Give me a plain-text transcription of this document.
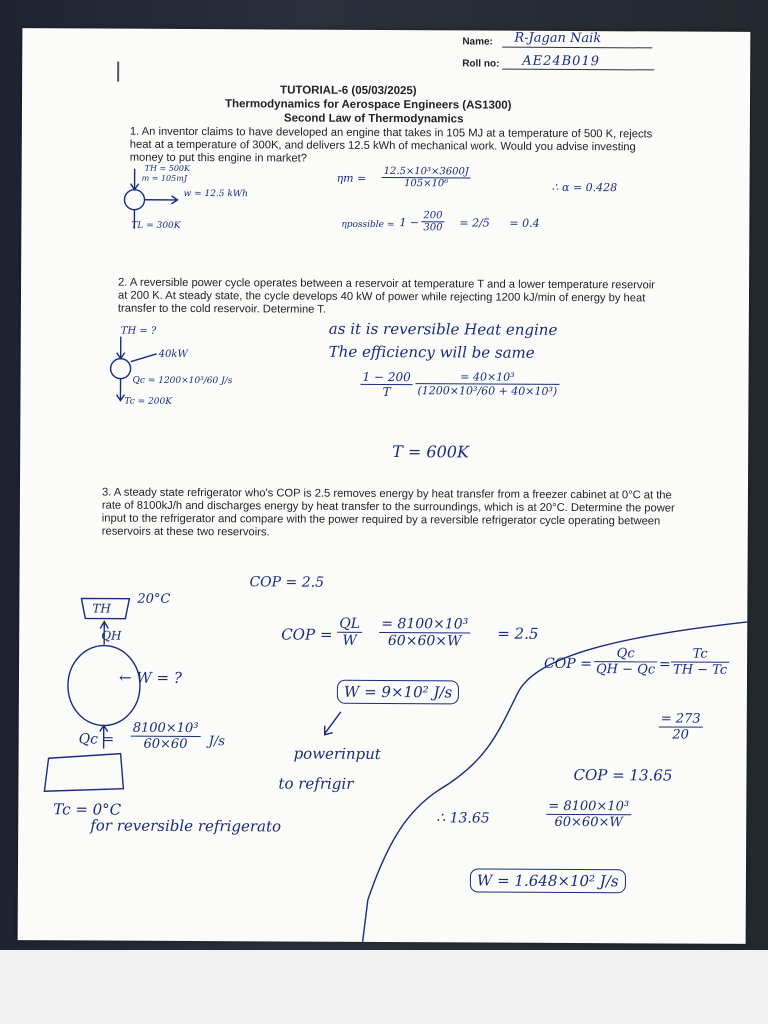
Name: R-Jagan Naik
Roll no: AE24B019
TUTORIAL-6 (05/03/2025)
Thermodynamics for Aerospace Engineers (AS1300)
Second Law of Thermodynamics
1. An inventor claims to have developed an engine that takes in 105 MJ at a temperature of 500 K, rejects heat at a temperature of 300K, and delivers 12.5 kWh of mechanical work. Would you advise investing money to put this engine in market?
TH = 500K
m = 105mJ
w = 12.5 kWh
TL = 300K
$\eta m = \frac{\text{12.5×10³×3600J}}{\text{105×10⁶}}$	∴ α = 0.428
ηpossible = $1 - \frac{200}{300} = 2/5 = 0.4$
2. A reversible power cycle operates between a reservoir at temperature T and a lower temperature reservoir at 200 K. At steady state, the cycle develops 40 kW of power while rejecting 1200 kJ/min of energy by heat transfer to the cold reservoir. Determine T.
TH = ?
40kW
Qc = 1200×10³/60 J/s
Tc = 200K
as it is reversible Heat engine
The efficiency will be same
$\frac{1 - 200}{T} \frac{\text{= 40×10³}}{\text{(1200×10³/60 + 40×10³)}}$
T = 600K
3. A steady state refrigerator who's COP is 2.5 removes energy by heat transfer from a freezer cabinet at 0°C at the rate of 8100kJ/h and discharges energy by heat transfer to the surroundings, which is at 20°C. Determine the power input to the refrigerator and compare with the power required by a reversible refrigerator cycle operating between reservoirs at these two reservoirs.
COP = 2.5
TH
20°C
QH
← W = ?
$Qc = \frac{\text{8100×10³}}{60\times 60} J/s$
Tc = 0°C
COP = $\frac{QL}{W} \frac{\text{= 8100×10³}}{60\times 60\times W} = 2.5$
W = 9×10² J/s
powerinput
to refrigir
for reversible refrigerato
COP = $\frac{Qc}{QH - Qc} = \frac{Tc}{TH - Tc}$
$\frac{= 273}{20}$
COP = 13.65
∴ 13.65	$\frac{\text{= 8100×10³}}{60\times 60\times W}$
W = 1.648×10² J/s
